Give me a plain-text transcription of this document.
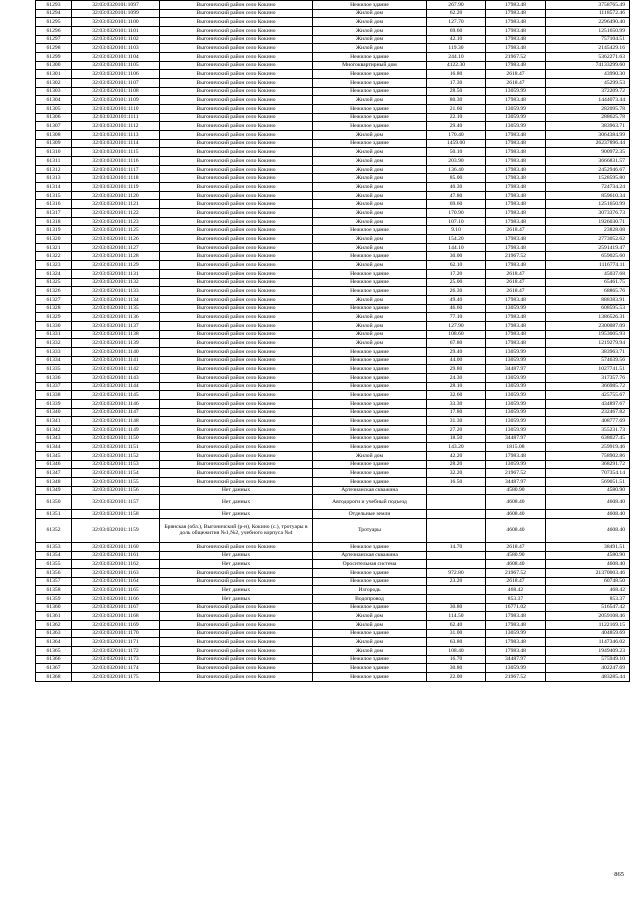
61293	32:03:0320101:1097	Выгоничский район село Кокино	Нежилое здание	267.90	17983.48	3758765.49
61294	32:03:0320101:1099	Выгоничский район село Кокино	Жилой дом	62.20	17983.48	1118572.46
61295	32:03:0320101:1100	Выгоничский район село Кокино	Жилой дом	127.70	17983.48	2296490.40
61296	32:03:0320101:1101	Выгоничский район село Кокино	Жилой дом	69.60	17983.48	1251650.99
61297	32:03:0320101:1102	Выгоничский район село Кокино	Жилой дом	42.10	17983.48	757104.51
61298	32:03:0320101:1103	Выгоничский район село Кокино	Жилой дом	119.30	17983.48	2145429.16
61299	32:03:0320101:1104	Выгоничский район село Кокино	Нежилое здание	244.10	21967.52	5362271.63
61300	32:03:0320101:1105	Выгоничский район село Кокино	Многоквартирный дом	4122.30	17983.48	74133299.60
61301	32:03:0320101:1106	Выгоничский район село Кокино	Нежилое здание	16.80	2618.47	43990.30
61302	32:03:0320101:1107	Выгоничский район село Кокино	Нежилое здание	17.30	2618.47	45299.53
61303	32:03:0320101:1108	Выгоничский район село Кокино	Нежилое здание	28.50	13059.99	372209.72
61304	32:03:0320101:1109	Выгоничский район село Кокино	Жилой дом	80.30	17983.48	1444073.44
61305	32:03:0320101:1110	Выгоничский район село Кокино	Нежилое здание	21.60	13059.99	282095.78
61306	32:03:0320101:1111	Выгоничский район село Кокино	Нежилое здание	22.10	13059.99	288625.78
61307	32:03:0320101:1112	Выгоничский район село Кокино	Нежилое здание	29.40	13059.99	383963.71
61308	32:03:0320101:1113	Выгоничский район село Кокино	Жилой дом	170.40	17983.48	3064384.99
61309	32:03:0320101:1114	Выгоничский район село Кокино	Нежилое здание	1459.00	17983.48	26237896.44
61310	32:03:0320101:1115	Выгоничский район село Кокино	Жилой дом	50.10	17983.48	900972.35
61311	32:03:0320101:1116	Выгоничский район село Кокино	Жилой дом	203.90	17983.48	3666831.57
61312	32:03:0320101:1117	Выгоничский район село Кокино	Жилой дом	136.40	17983.48	2452946.67
61313	32:03:0320101:1118	Выгоничский район село Кокино	Жилой дом	85.00	17983.48	1528595.80
61314	32:03:0320101:1119	Выгоничский район село Кокино	Жилой дом	40.30	17983.48	724734.24
61315	32:03:0320101:1120	Выгоничский район село Кокино	Жилой дом	47.80	17983.48	859610.34
61316	32:03:0320101:1121	Выгоничский район село Кокино	Жилой дом	69.60	17983.48	1251650.99
61317	32:03:0320101:1122	Выгоничский район село Кокино	Жилой дом	170.90	17983.48	3073376.73
61318	32:03:0320101:1123	Выгоничский район село Кокино	Жилой дом	107.10	17983.48	1926030.71
61319	32:03:0320101:1125	Выгоничский район село Кокино	Нежилое здание	9.10	2618.47	23828.08
61320	32:03:0320101:1126	Выгоничский район село Кокино	Жилой дом	154.20	17983.48	2773052.62
61321	32:03:0320101:1127	Выгоничский район село Кокино	Жилой дом	144.10	17983.48	2591419.47
61322	32:03:0320101:1128	Выгоничский район село Кокино	Нежилое здание	30.00	21967.52	659025.60
61323	32:03:0320101:1129	Выгоничский район село Кокино	Жилой дом	62.10	17983.48	1116774.11
61324	32:03:0320101:1131	Выгоничский район село Кокино	Нежилое здание	17.20	2618.47	45037.68
61325	32:03:0320101:1132	Выгоничский район село Кокино	Нежилое здание	25.00	2618.47	65461.75
61326	32:03:0320101:1133	Выгоничский район село Кокино	Нежилое здание	26.30	2618.47	68865.76
61327	32:03:0320101:1134	Выгоничский район село Кокино	Жилой дом	49.40	17983.48	888383.91
61328	32:03:0320101:1135	Выгоничский район село Кокино	Нежилое здание	46.60	13059.99	608595.53
61329	32:03:0320101:1136	Выгоничский район село Кокино	Жилой дом	77.10	17983.48	1386526.31
61330	32:03:0320101:1137	Выгоничский район село Кокино	Жилой дом	127.90	17983.48	2300087.09
61331	32:03:0320101:1138	Выгоничский район село Кокино	Жилой дом	108.60	17983.48	1953005.93
61332	32:03:0320101:1139	Выгоничский район село Кокино	Жилой дом	67.80	17983.48	1219279.94
61333	32:03:0320101:1140	Выгоничский район село Кокино	Нежилое здание	29.40	13059.99	383963.71
61334	32:03:0320101:1141	Выгоничский район село Кокино	Нежилое здание	44.00	13059.99	574639.56
61335	32:03:0320101:1142	Выгоничский район село Кокино	Нежилое здание	29.80	34487.97	1027741.51
61336	32:03:0320101:1143	Выгоничский район село Кокино	Нежилое здание	24.30	13059.99	317357.76
61337	32:03:0320101:1144	Выгоничский район село Кокино	Нежилое здание	28.10	13059.99	366985.72
61338	32:03:0320101:1145	Выгоничский район село Кокино	Нежилое здание	32.60	13059.99	425755.67
61339	32:03:0320101:1146	Выгоничский район село Кокино	Нежилое здание	33.30	13059.99	434897.67
61340	32:03:0320101:1147	Выгоничский район село Кокино	Нежилое здание	17.80	13059.99	232467.82
61341	32:03:0320101:1148	Выгоничский район село Кокино	Нежилое здание	31.30	13059.99	408777.69
61342	32:03:0320101:1149	Выгоничский район село Кокино	Нежилое здание	27.20	13059.99	355231.73
61343	32:03:0320101:1150	Выгоничский район село Кокино	Нежилое здание	18.50	34487.97	638027.45
61344	32:03:0320101:1151	Выгоничский район село Кокино	Нежилое здание	143.20	1815.08	259919.46
61345	32:03:0320101:1152	Выгоничский район село Кокино	Жилой дом	42.20	17983.48	758902.86
61346	32:03:0320101:1153	Выгоничский район село Кокино	Нежилое здание	28.20	13059.99	368291.72
61347	32:03:0320101:1154	Выгоничский район село Кокино	Нежилое здание	32.20	21967.52	707354.14
61348	32:03:0320101:1155	Выгоничский район село Кокино	Нежилое здание	16.50	34487.97	569051.51
61349	32:03:0320101:1156	Нет данных	Артезианская скважина		4580.90	4580.90
61350	32:03:0320101:1157	Нет данных	Автодороги и учебный подъезд		4608.40	4608.40
61351	32:03:0320101:1158	Нет данных	Отдельные земли		4608.40	4608.40
61352	32:03:0320101:1159	Брянская (обл.), Выгоничский (р-н), Кокино (с.), тротуары в доль общежития №1,№2, учебного корпуса №4	Тротуары		4608.40	4608.40
61353	32:03:0320101:1160	Выгоничский район село Кокино	Нежилое здание	14.70	2618.47	38491.51
61354	32:03:0320101:1161	Нет данных	Артезианская скважина		4580.90	4580.90
61355	32:03:0320101:1162	Нет данных	Оросительная система		4608.40	4608.40
61356	32:03:0320101:1163	Выгоничский район село Кокино	Нежилое здание	972.80	21967.52	21370003.46
61357	32:03:0320101:1164	Выгоничский район село Кокино	Нежилое здание	23.20	2618.47	60748.50
61358	32:03:0320101:1165	Нет данных	Изгородь		468.42	468.42
61359	32:03:0320101:1166	Нет данных	Водопровод		853.37	853.37
61360	32:03:0320101:1167	Выгоничский район село Кокино	Нежилое здание	30.80	16771.02	516547.42
61361	32:03:0320101:1168	Выгоничский район село Кокино	Жилой дом	114.50	17983.48	2059108.46
61362	32:03:0320101:1169	Выгоничский район село Кокино	Жилой дом	62.40	17983.48	1122169.15
61363	32:03:0320101:1170	Выгоничский район село Кокино	Нежилое здание	31.00	13059.99	404859.69
61364	32:03:0320101:1171	Выгоничский район село Кокино	Жилой дом	63.80	17983.48	1147346.02
61365	32:03:0320101:1172	Выгоничский район село Кокино	Жилой дом	108.40	17983.48	1949409.23
61366	32:03:0320101:1173	Выгоничский район село Кокино	Нежилое здание	16.70	34487.97	575949.10
61367	32:03:0320101:1174	Выгоничский район село Кокино	Нежилое здание	30.80	13059.99	402247.69
61368	32:03:0320101:1175	Выгоничский район село Кокино	Нежилое здание	22.00	21967.52	483285.44
865
